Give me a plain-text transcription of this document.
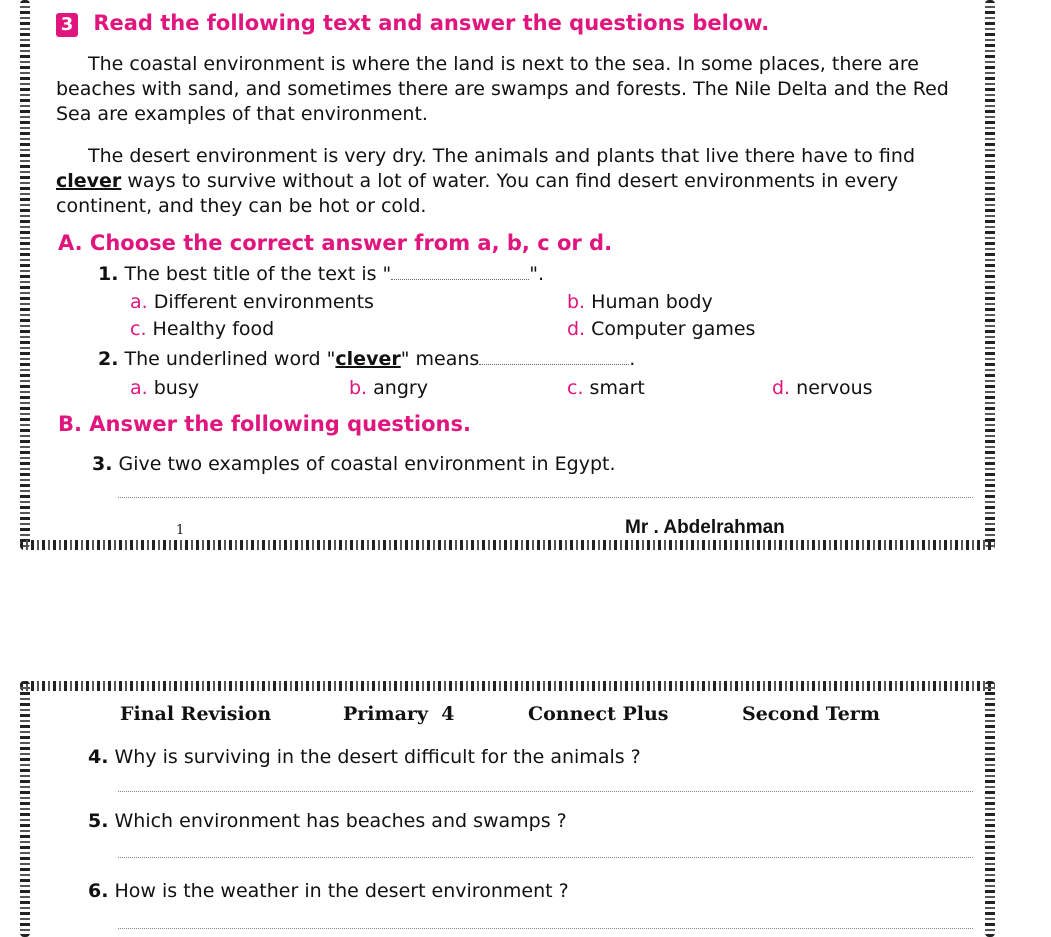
3 Read the following text and answer the questions below.
The coastal environment is where the land is next to the sea. In some places, there are beaches with sand, and sometimes there are swamps and forests. The Nile Delta and the Red Sea are examples of that environment.
The desert environment is very dry. The animals and plants that live there have to find clever ways to survive without a lot of water. You can find desert environments in every continent, and they can be hot or cold.
A. Choose the correct answer from a, b, c or d.
1. The best title of the text is "	".
a. Different environments	b. Human body
c. Healthy food	d. Computer games
2. The underlined word "clever" means	.
a. busy	b. angry	c. smart	d. nervous
B. Answer the following questions.
3. Give two examples of coastal environment in Egypt.
1	Mr . Abdelrahman
Final Revision	Primary  4	Connect Plus	Second Term
4. Why is surviving in the desert difficult for the animals ?
5. Which environment has beaches and swamps ?
6. How is the weather in the desert environment ?
